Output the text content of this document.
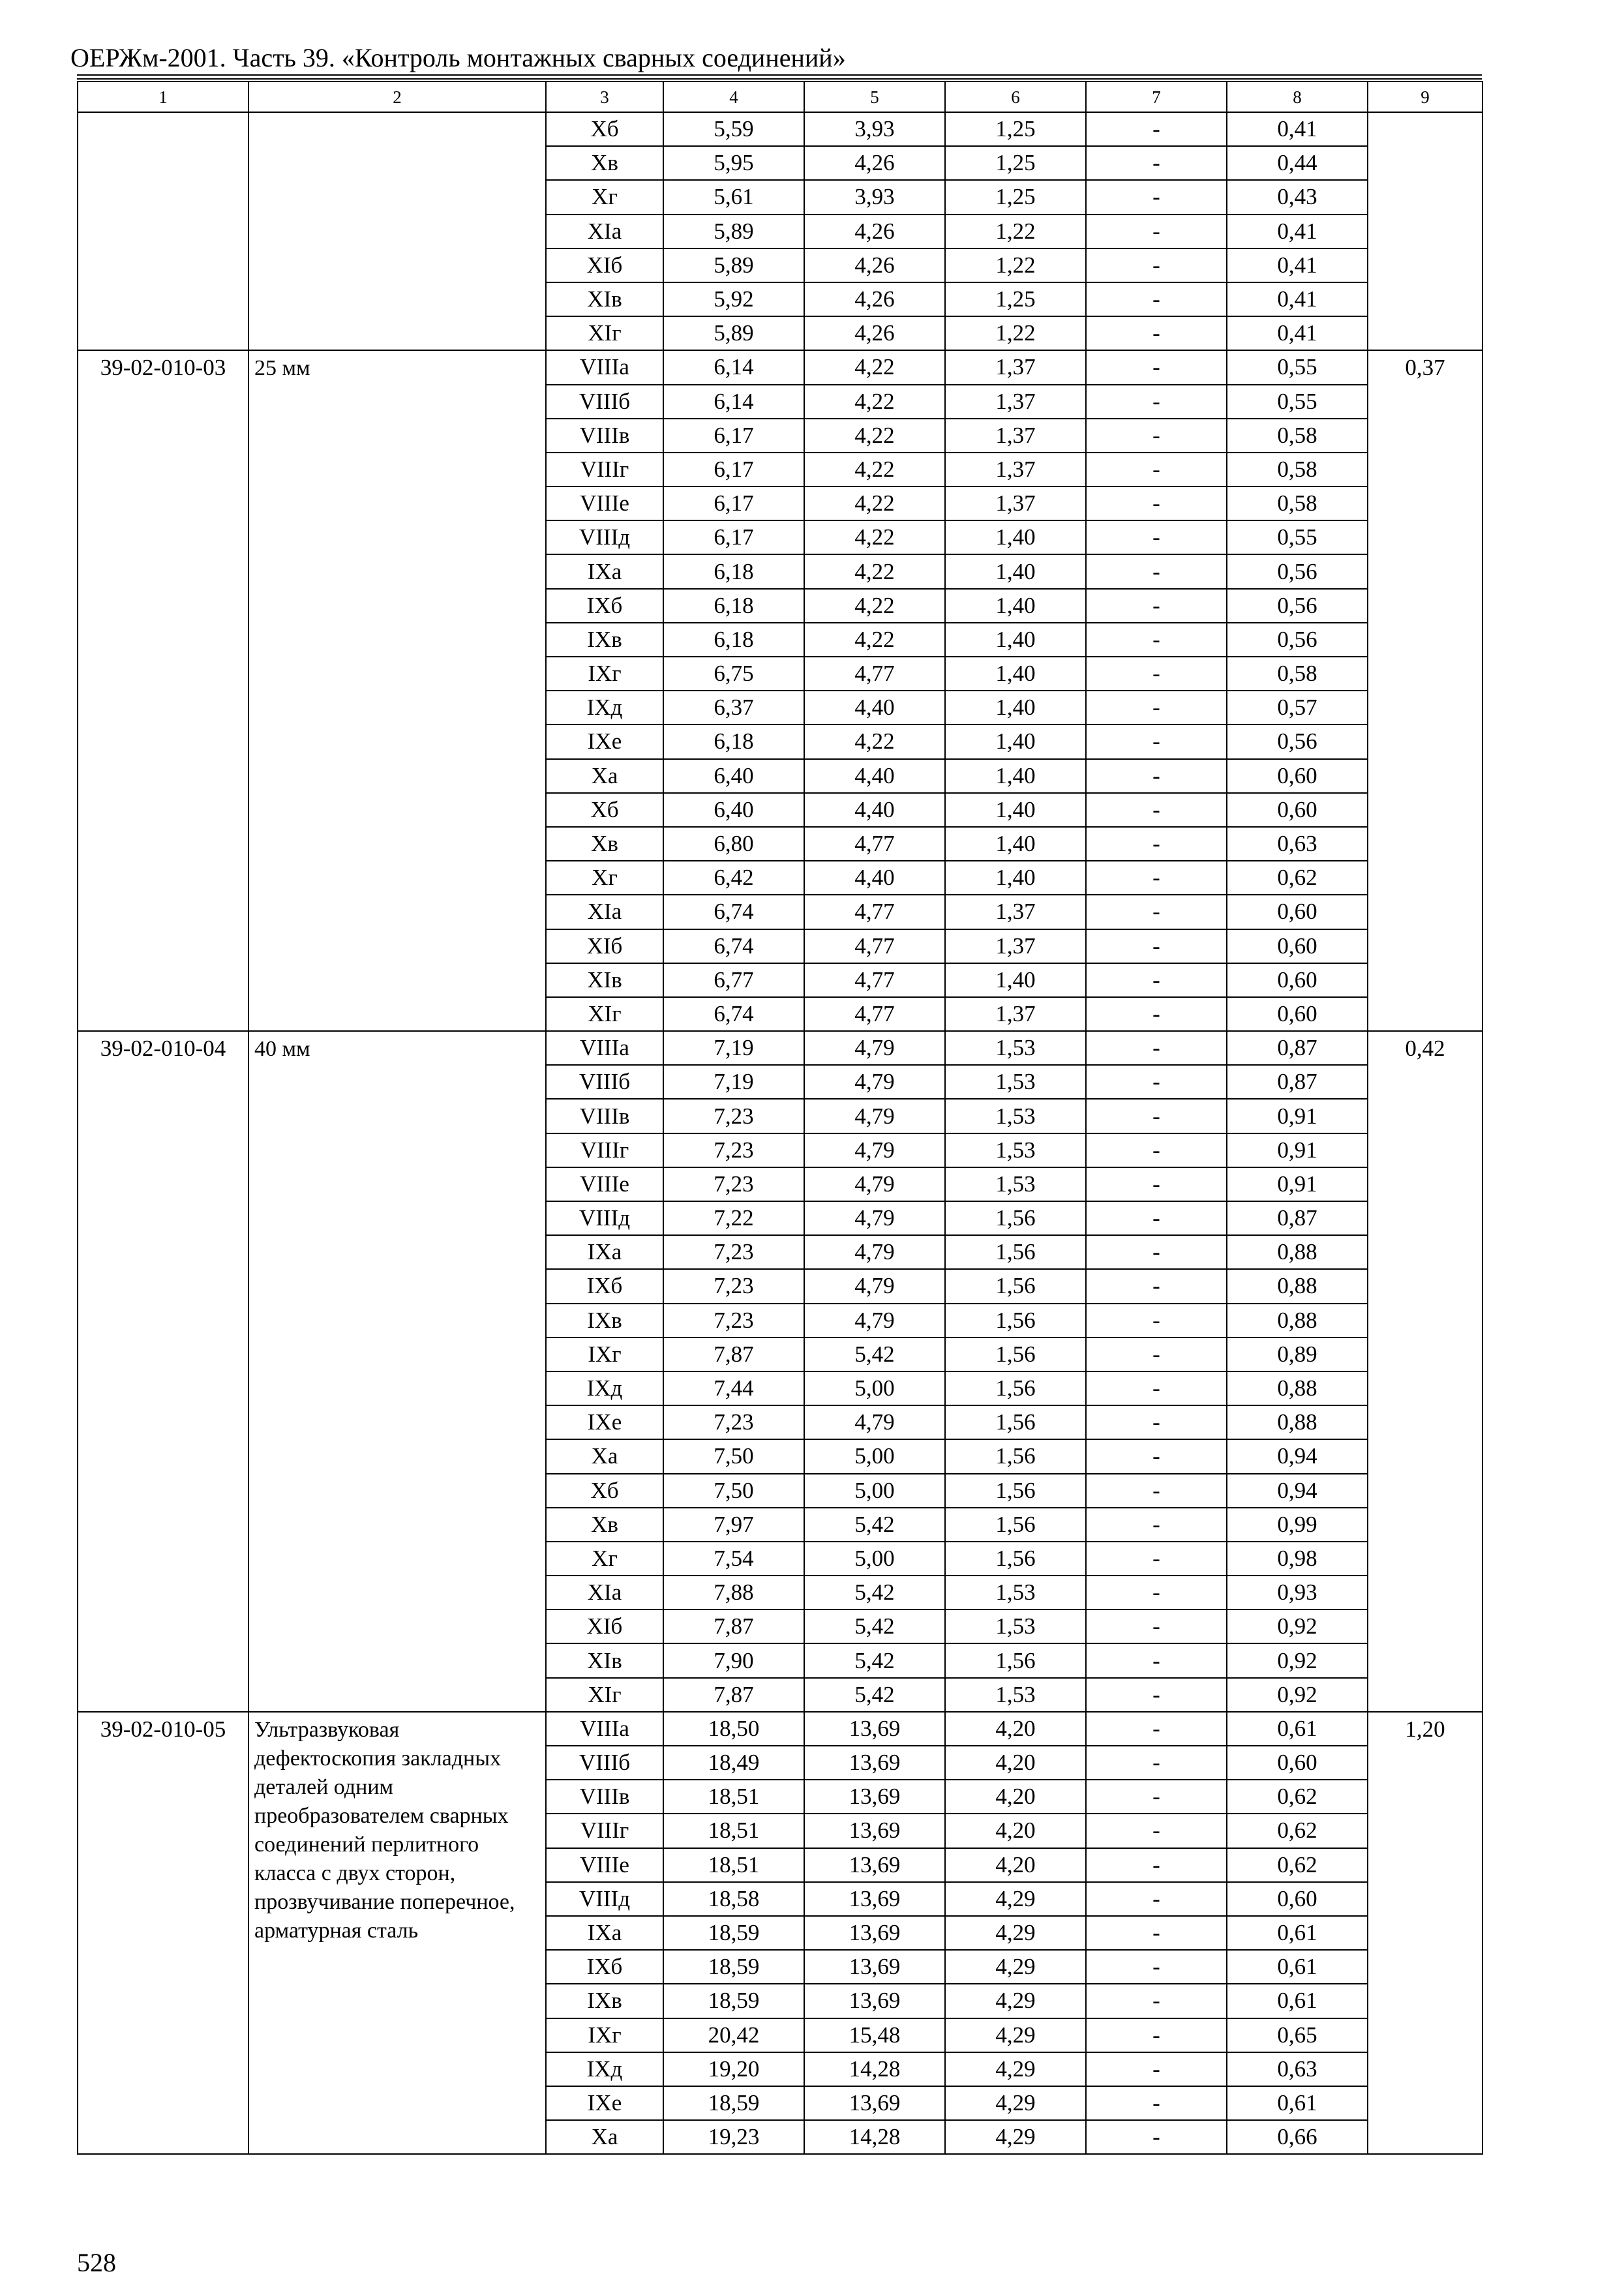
ОЕРЖм-2001. Часть 39. «Контроль монтажных сварных соединений»
1	2	3	4	5	6	7	8	9
		Xб	5,59	3,93	1,25	-	0,41	
		Xв	5,95	4,26	1,25	-	0,44	
		Xг	5,61	3,93	1,25	-	0,43	
		XIа	5,89	4,26	1,22	-	0,41	
		XIб	5,89	4,26	1,22	-	0,41	
		XIв	5,92	4,26	1,25	-	0,41	
		XIг	5,89	4,26	1,22	-	0,41	
39-02-010-03	25 мм	VIIIа	6,14	4,22	1,37	-	0,55	0,37
		VIIIб	6,14	4,22	1,37	-	0,55	
		VIIIв	6,17	4,22	1,37	-	0,58	
		VIIIг	6,17	4,22	1,37	-	0,58	
		VIIIе	6,17	4,22	1,37	-	0,58	
		VIIIд	6,17	4,22	1,40	-	0,55	
		IXа	6,18	4,22	1,40	-	0,56	
		IXб	6,18	4,22	1,40	-	0,56	
		IXв	6,18	4,22	1,40	-	0,56	
		IXг	6,75	4,77	1,40	-	0,58	
		IXд	6,37	4,40	1,40	-	0,57	
		IXе	6,18	4,22	1,40	-	0,56	
		Xа	6,40	4,40	1,40	-	0,60	
		Xб	6,40	4,40	1,40	-	0,60	
		Xв	6,80	4,77	1,40	-	0,63	
		Xг	6,42	4,40	1,40	-	0,62	
		XIа	6,74	4,77	1,37	-	0,60	
		XIб	6,74	4,77	1,37	-	0,60	
		XIв	6,77	4,77	1,40	-	0,60	
		XIг	6,74	4,77	1,37	-	0,60	
39-02-010-04	40 мм	VIIIа	7,19	4,79	1,53	-	0,87	0,42
		VIIIб	7,19	4,79	1,53	-	0,87	
		VIIIв	7,23	4,79	1,53	-	0,91	
		VIIIг	7,23	4,79	1,53	-	0,91	
		VIIIе	7,23	4,79	1,53	-	0,91	
		VIIIд	7,22	4,79	1,56	-	0,87	
		IXа	7,23	4,79	1,56	-	0,88	
		IXб	7,23	4,79	1,56	-	0,88	
		IXв	7,23	4,79	1,56	-	0,88	
		IXг	7,87	5,42	1,56	-	0,89	
		IXд	7,44	5,00	1,56	-	0,88	
		IXе	7,23	4,79	1,56	-	0,88	
		Xа	7,50	5,00	1,56	-	0,94	
		Xб	7,50	5,00	1,56	-	0,94	
		Xв	7,97	5,42	1,56	-	0,99	
		Xг	7,54	5,00	1,56	-	0,98	
		XIа	7,88	5,42	1,53	-	0,93	
		XIб	7,87	5,42	1,53	-	0,92	
		XIв	7,90	5,42	1,56	-	0,92	
		XIг	7,87	5,42	1,53	-	0,92	
39-02-010-05	Ультразвуковая дефектоскопия закладных деталей одним преобразователем сварных соединений перлитного класса с двух сторон, прозвучивание поперечное, арматурная сталь	VIIIа	18,50	13,69	4,20	-	0,61	1,20
		VIIIб	18,49	13,69	4,20	-	0,60	
		VIIIв	18,51	13,69	4,20	-	0,62	
		VIIIг	18,51	13,69	4,20	-	0,62	
		VIIIе	18,51	13,69	4,20	-	0,62	
		VIIIд	18,58	13,69	4,29	-	0,60	
		IXа	18,59	13,69	4,29	-	0,61	
		IXб	18,59	13,69	4,29	-	0,61	
		IXв	18,59	13,69	4,29	-	0,61	
		IXг	20,42	15,48	4,29	-	0,65	
		IXд	19,20	14,28	4,29	-	0,63	
		IXе	18,59	13,69	4,29	-	0,61	
		Xа	19,23	14,28	4,29	-	0,66	
528
